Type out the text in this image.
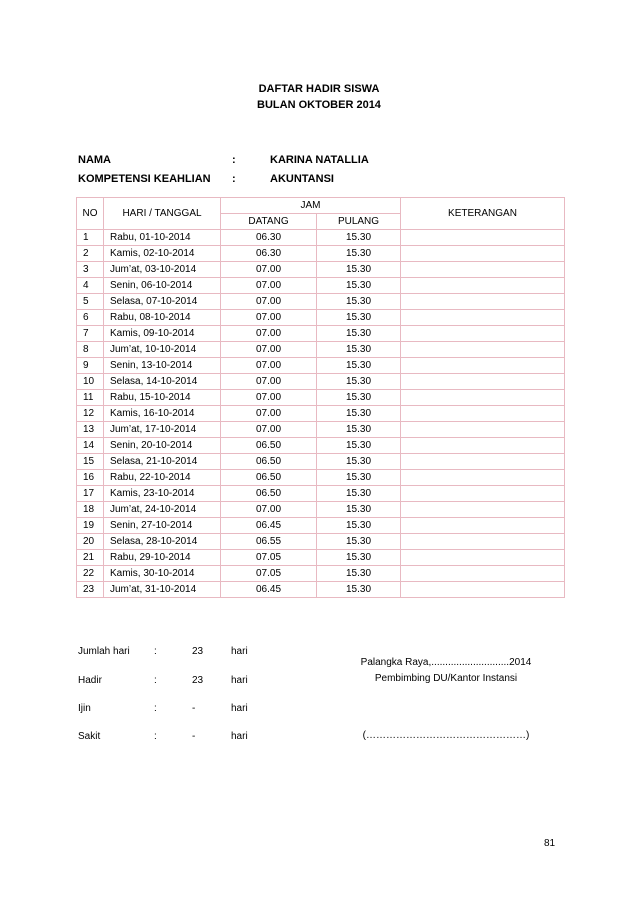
DAFTAR HADIR SISWA
BULAN OKTOBER 2014
NAMA	:	KARINA NATALLIA
KOMPETENSI KEAHLIAN :	AKUNTANSI
NO	HARI / TANGGAL	JAM		KETERANGAN
		DATANG	PULANG	
1	Rabu, 01-10-2014	06.30	15.30	
2	Kamis, 02-10-2014	06.30	15.30	
3	Jum’at, 03-10-2014	07.00	15.30	
4	Senin, 06-10-2014	07.00	15.30	
5	Selasa, 07-10-2014	07.00	15.30	
6	Rabu, 08-10-2014	07.00	15.30	
7	Kamis, 09-10-2014	07.00	15.30	
8	Jum’at, 10-10-2014	07.00	15.30	
9	Senin, 13-10-2014	07.00	15.30	
10	Selasa, 14-10-2014	07.00	15.30	
11	Rabu, 15-10-2014	07.00	15.30	
12	Kamis, 16-10-2014	07.00	15.30	
13	Jum’at, 17-10-2014	07.00	15.30	
14	Senin, 20-10-2014	06.50	15.30	
15	Selasa, 21-10-2014	06.50	15.30	
16	Rabu, 22-10-2014	06.50	15.30	
17	Kamis, 23-10-2014	06.50	15.30	
18	Jum’at, 24-10-2014	07.00	15.30	
19	Senin, 27-10-2014	06.45	15.30	
20	Selasa, 28-10-2014	06.55	15.30	
21	Rabu, 29-10-2014	07.05	15.30	
22	Kamis, 30-10-2014	07.05	15.30	
23	Jum’at, 31-10-2014	06.45	15.30	
Jumlah hari :	23	hari
Hadir	:	23	hari
Ijin	:	-	hari
Sakit	:	-	hari
Palangka Raya,............................2014
Pembimbing DU/Kantor Instansi
(…………………………………………)
81
